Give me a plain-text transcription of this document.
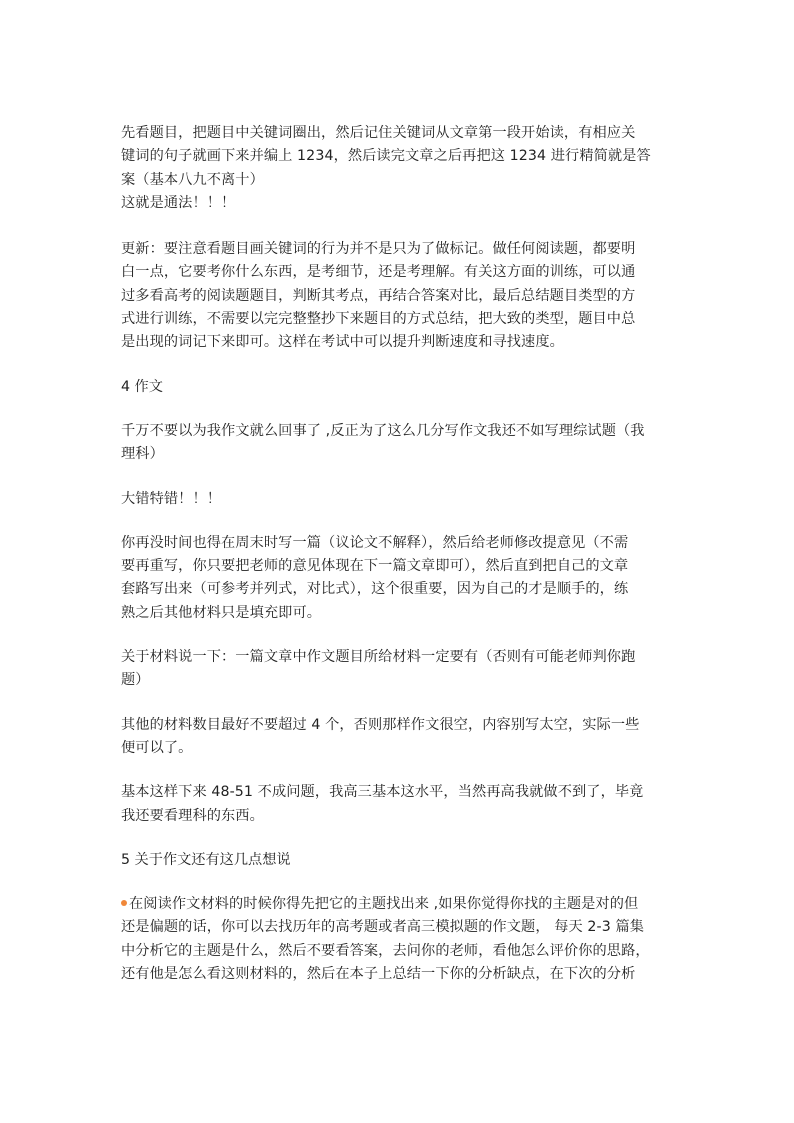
先看题目，把题目中关键词圈出，然后记住关键词从文章第一段开始读，有相应关
键词的句子就画下来并编上 1234，然后读完文章之后再把这 1234 进行精简就是答
案（基本八九不离十）
这就是通法！！！
更新：要注意看题目画关键词的行为并不是只为了做标记。做任何阅读题，都要明
白一点，它要考你什么东西，是考细节，还是考理解。有关这方面的训练，可以通
过多看高考的阅读题题目，判断其考点，再结合答案对比，最后总结题目类型的方
式进行训练，不需要以完完整整抄下来题目的方式总结，把大致的类型，题目中总
是出现的词记下来即可。这样在考试中可以提升判断速度和寻找速度。
4 作文
千万不要以为我作文就么回事了 ,反正为了这么几分写作文我还不如写理综试题（我
理科）
大错特错！！！
你再没时间也得在周末时写一篇（议论文不解释），然后给老师修改提意见（不需
要再重写，你只要把老师的意见体现在下一篇文章即可），然后直到把自己的文章
套路写出来（可参考并列式，对比式），这个很重要，因为自己的才是顺手的，练
熟之后其他材料只是填充即可。
关于材料说一下：一篇文章中作文题目所给材料一定要有（否则有可能老师判你跑
题）
其他的材料数目最好不要超过 4 个，否则那样作文很空，内容别写太空，实际一些
便可以了。
基本这样下来 48-51 不成问题，我高三基本这水平，当然再高我就做不到了，毕竟
我还要看理科的东西。
5 关于作文还有这几点想说
在阅读作文材料的时候你得先把它的主题找出来 ,如果你觉得你找的主题是对的但
还是偏题的话，你可以去找历年的高考题或者高三模拟题的作文题， 每天 2-3 篇集
中分析它的主题是什么，然后不要看答案，去问你的老师，看他怎么评价你的思路，
还有他是怎么看这则材料的，然后在本子上总结一下你的分析缺点，在下次的分析
